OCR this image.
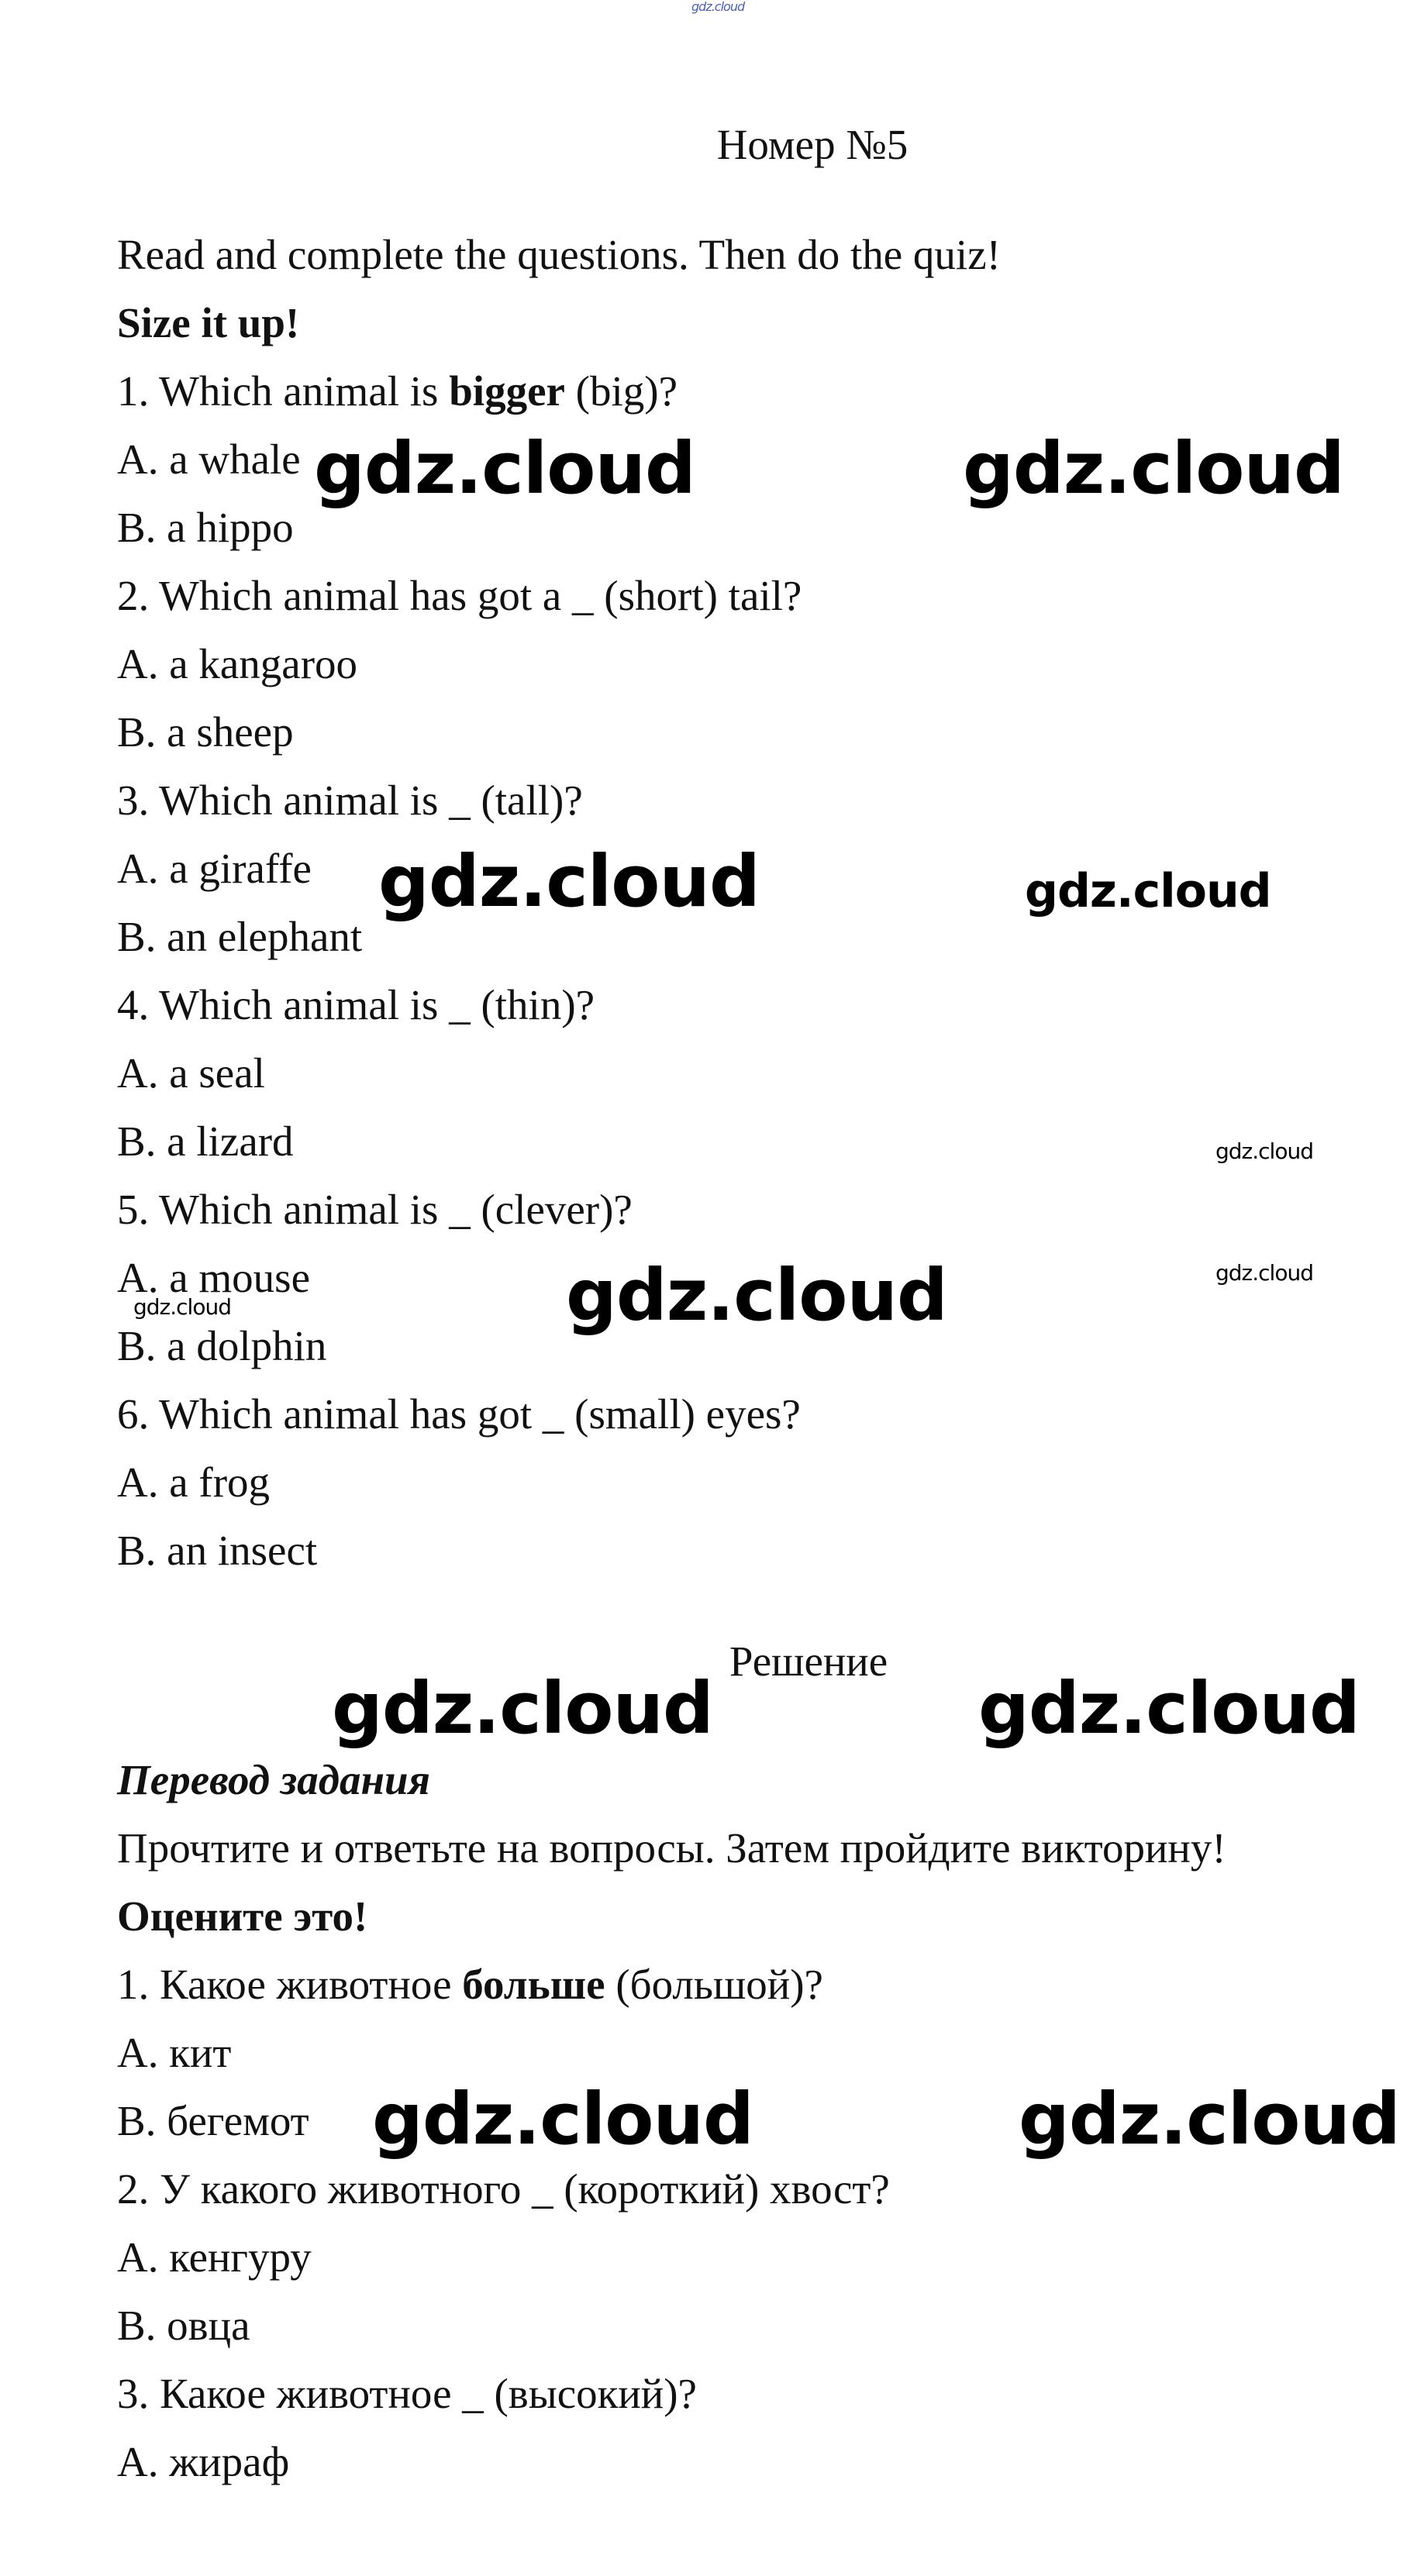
gdz.cloud
Номер №5
Read and complete the questions. Then do the quiz!
Size it up!
1. Which animal is bigger (big)?
A. a whale
B. a hippo
2. Which animal has got a _ (short) tail?
A. a kangaroo
B. a sheep
3. Which animal is _ (tall)?
A. a giraffe
B. an elephant
4. Which animal is _ (thin)?
A. a seal
B. a lizard
5. Which animal is _ (clever)?
A. a mouse
B. a dolphin
6. Which animal has got _ (small) eyes?
A. a frog
B. an insect
Решение
Перевод задания
Прочтите и ответьте на вопросы. Затем пройдите викторину!
Оцените это!
1. Какое животное больше (большой)?
А. кит
В. бегемот
2. У какого животного _ (короткий) хвост?
А. кенгуру
В. овца
3. Какое животное _ (высокий)?
А. жираф
gdz.cloud	gdz.cloud
gdz.cloud	gdz.cloud
gdz.cloud
gdz.cloud
gdz.cloud	gdz.cloud
gdz.cloud	gdz.cloud
gdz.cloud	gdz.cloud
